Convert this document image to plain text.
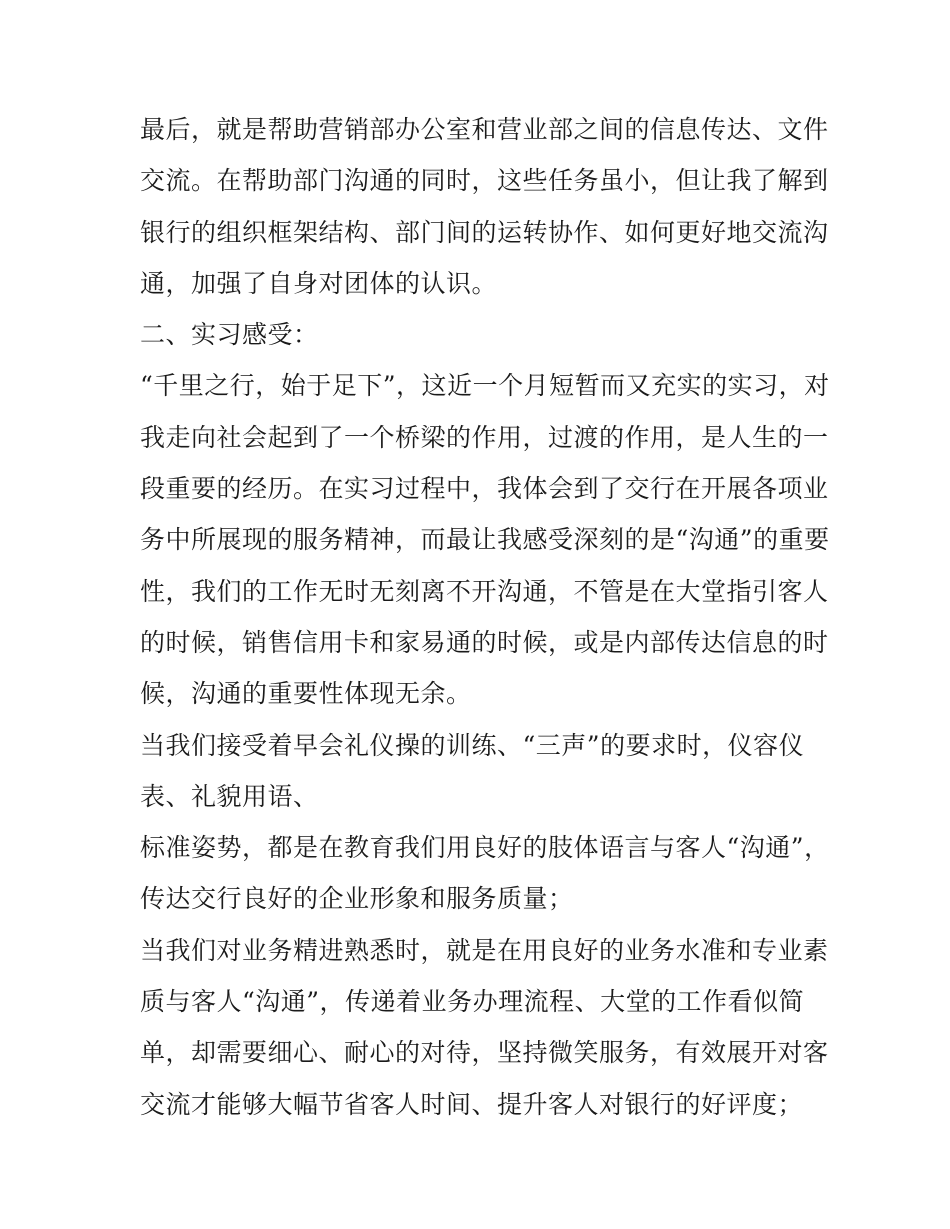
最后，就是帮助营销部办公室和营业部之间的信息传达、文件
交流。在帮助部门沟通的同时，这些任务虽小，但让我了解到
银行的组织框架结构、部门间的运转协作、如何更好地交流沟
通，加强了自身对团体的认识。
二、实习感受：
“千里之行，始于足下”，这近一个月短暂而又充实的实习，对
我走向社会起到了一个桥梁的作用，过渡的作用，是人生的一
段重要的经历。在实习过程中，我体会到了交行在开展各项业
务中所展现的服务精神，而最让我感受深刻的是“沟通”的重要
性，我们的工作无时无刻离不开沟通，不管是在大堂指引客人
的时候，销售信用卡和家易通的时候，或是内部传达信息的时
候，沟通的重要性体现无余。
当我们接受着早会礼仪操的训练、“三声”的要求时，仪容仪
表、礼貌用语、
标准姿势，都是在教育我们用良好的肢体语言与客人“沟通”，
传达交行良好的企业形象和服务质量；
当我们对业务精进熟悉时，就是在用良好的业务水准和专业素
质与客人“沟通”，传递着业务办理流程、大堂的工作看似简
单，却需要细心、耐心的对待，坚持微笑服务，有效展开对客
交流才能够大幅节省客人时间、提升客人对银行的好评度；
